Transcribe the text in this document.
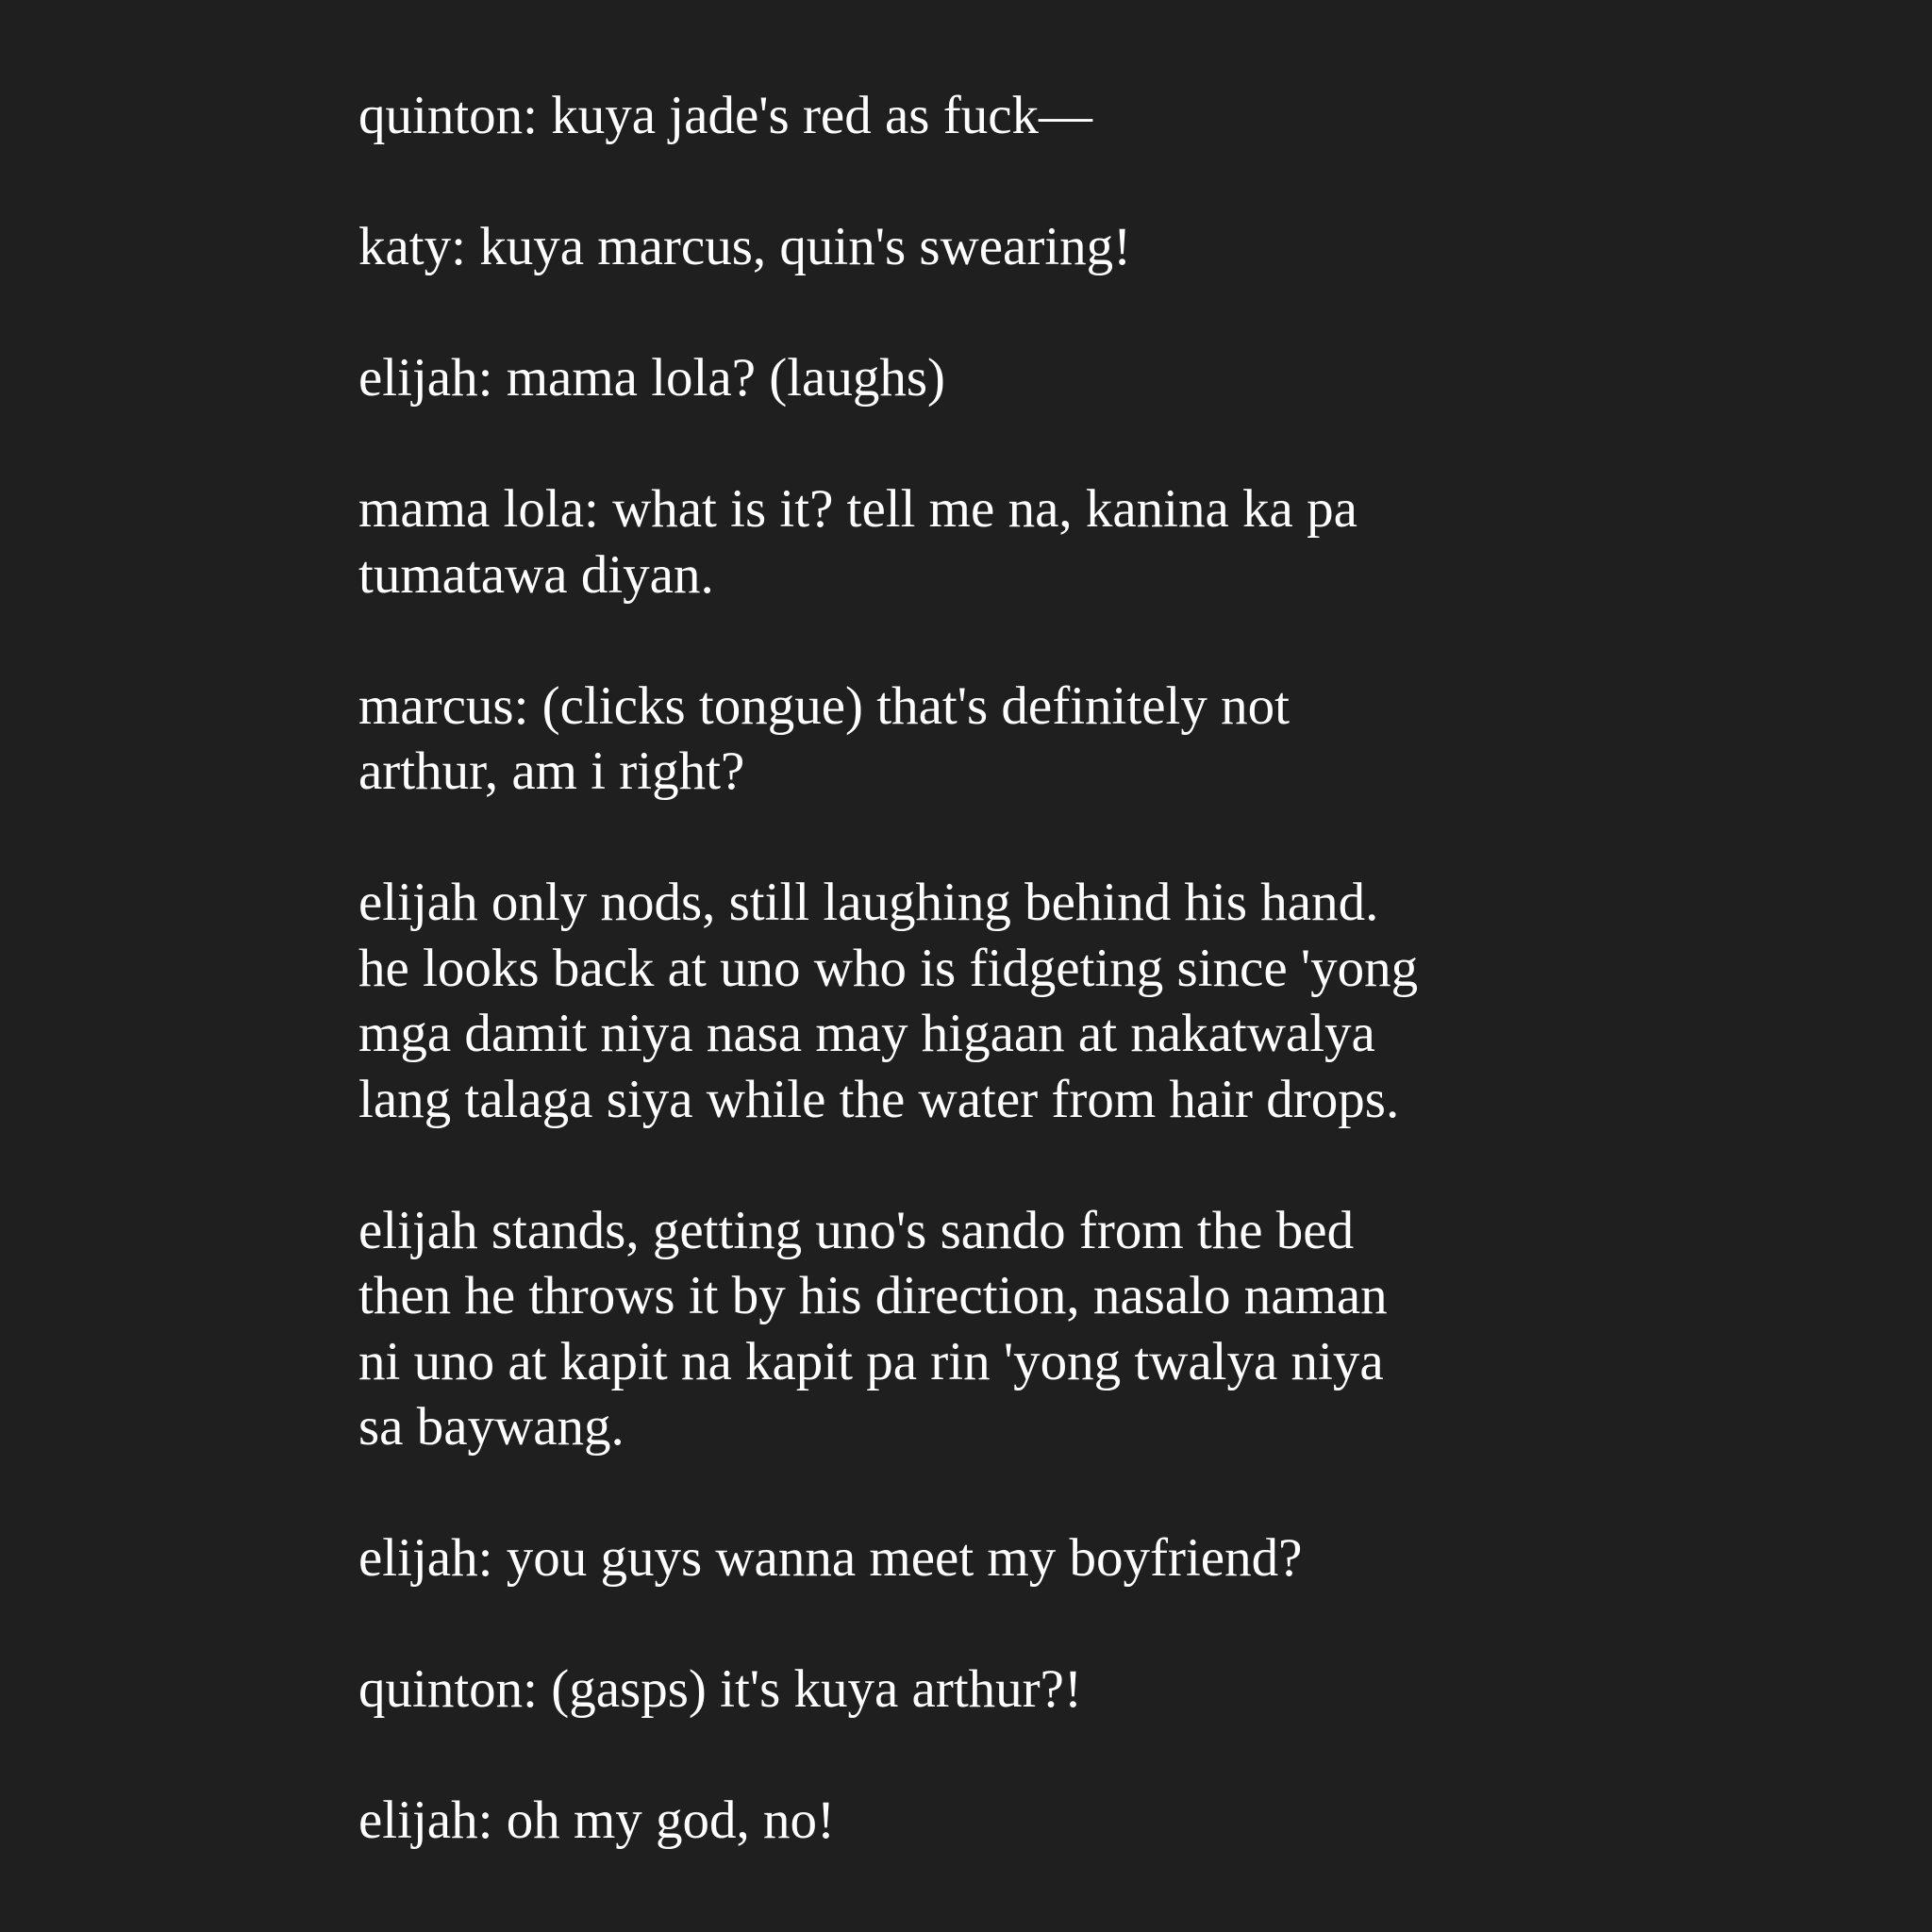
quinton: kuya jade's red as fuck—

katy: kuya marcus, quin's swearing!

elijah: mama lola? (laughs)

mama lola: what is it? tell me na, kanina ka pa
tumatawa diyan.

marcus: (clicks tongue) that's definitely not
arthur, am i right?

elijah only nods, still laughing behind his hand.
he looks back at uno who is fidgeting since 'yong
mga damit niya nasa may higaan at nakatwalya
lang talaga siya while the water from hair drops.

elijah stands, getting uno's sando from the bed
then he throws it by his direction, nasalo naman
ni uno at kapit na kapit pa rin 'yong twalya niya
sa baywang.

elijah: you guys wanna meet my boyfriend?

quinton: (gasps) it's kuya arthur?!

elijah: oh my god, no!
